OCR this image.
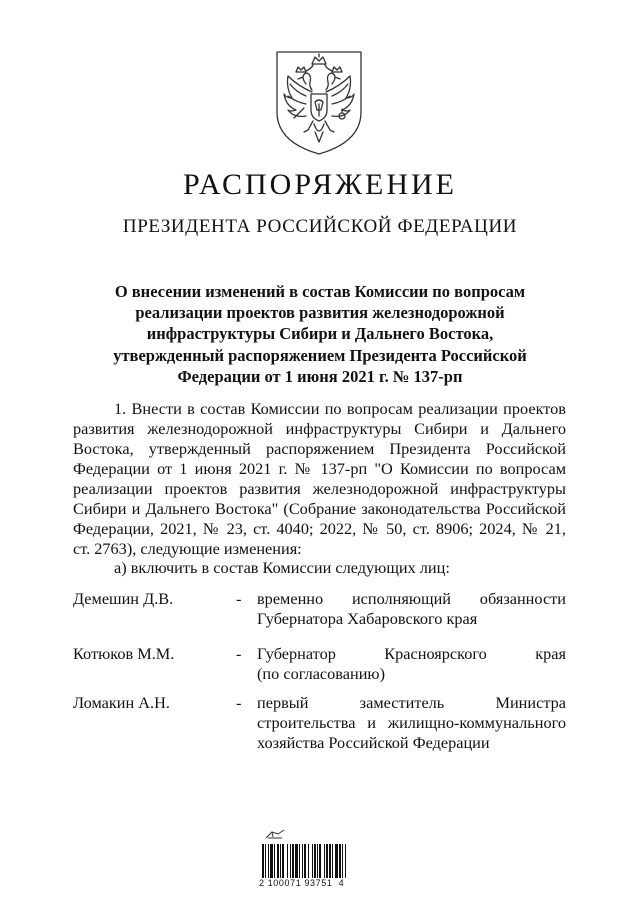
РАСПОРЯЖЕНИЕ
ПРЕЗИДЕНТА РОССИЙСКОЙ ФЕДЕРАЦИИ

О внесении изменений в состав Комиссии по вопросам
реализации проектов развития железнодорожной
инфраструктуры Сибири и Дальнего Востока,
утвержденный распоряжением Президента Российской
Федерации от 1 июня 2021 г. № 137-рп

1. Внести в состав Комиссии по вопросам реализации проектов
развития железнодорожной инфраструктуры Сибири и Дальнего
Востока, утвержденный распоряжением Президента Российской
Федерации от 1 июня 2021 г. № 137-рп "О Комиссии по вопросам
реализации проектов развития железнодорожной инфраструктуры
Сибири и Дальнего Востока" (Собрание законодательства Российской
Федерации, 2021, № 23, ст. 4040; 2022, № 50, ст. 8906; 2024, № 21,
ст. 2763), следующие изменения:

а) включить в состав Комиссии следующих лиц:

Демешин Д.В.	- временно исполняющий обязанности
Губернатора Хабаровского края
Котюков М.М.	- Губернатор Красноярского края
(по согласованию)
Ломакин А.Н.	- первый заместитель Министра
строительства и жилищно-коммунального
хозяйства Российской Федерации
2 100071 93751  4
